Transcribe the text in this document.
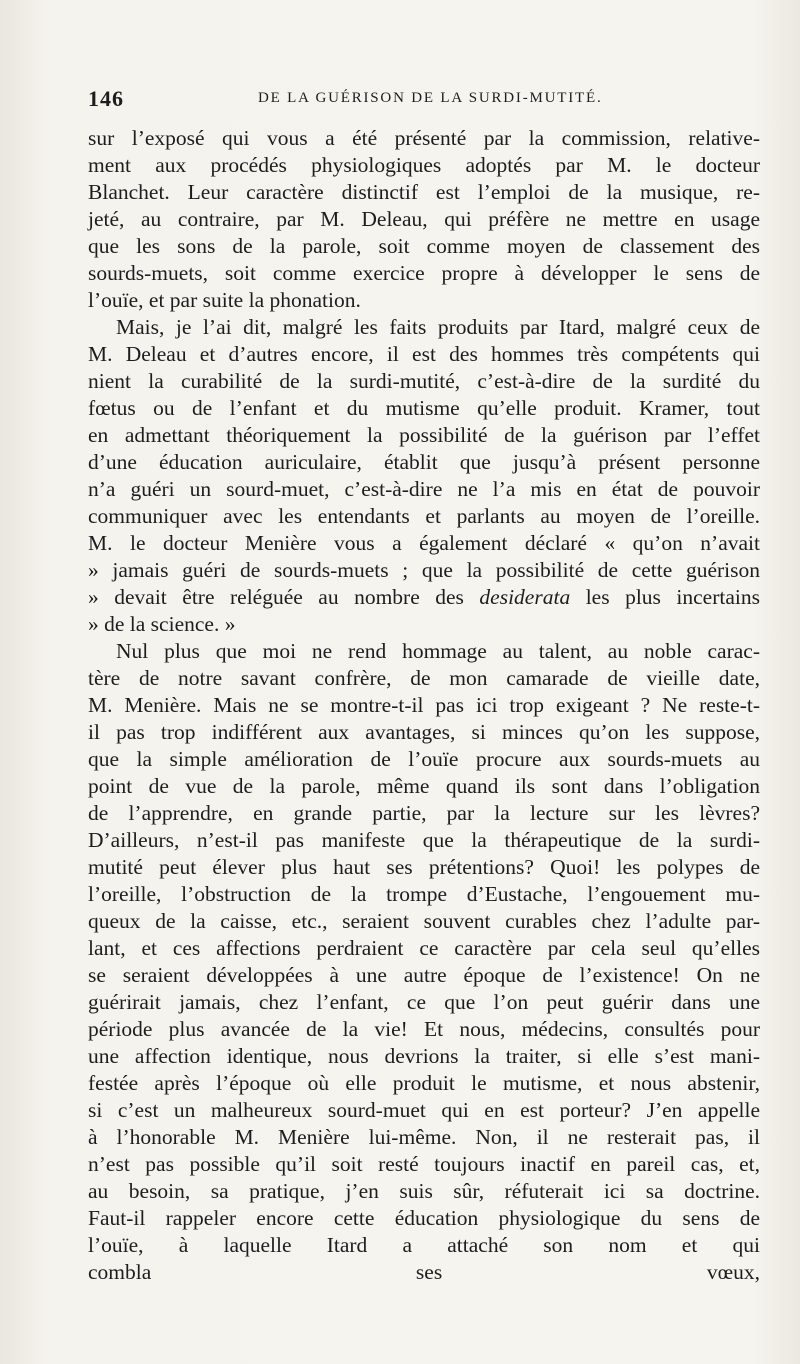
146	DE LA GUÉRISON DE LA SURDI-MUTITÉ.
sur l’exposé qui vous a été présenté par la commission, relative-
ment aux procédés physiologiques adoptés par M. le docteur
Blanchet. Leur caractère distinctif est l’emploi de la musique, re-
jeté, au contraire, par M. Deleau, qui préfère ne mettre en usage
que les sons de la parole, soit comme moyen de classement des
sourds-muets, soit comme exercice propre à développer le sens de
l’ouïe, et par suite la phonation.
Mais, je l’ai dit, malgré les faits produits par Itard, malgré ceux de
M. Deleau et d’autres encore, il est des hommes très compétents qui
nient la curabilité de la surdi-mutité, c’est-à-dire de la surdité du
fœtus ou de l’enfant et du mutisme qu’elle produit. Kramer, tout
en admettant théoriquement la possibilité de la guérison par l’effet
d’une éducation auriculaire, établit que jusqu’à présent personne
n’a guéri un sourd-muet, c’est-à-dire ne l’a mis en état de pouvoir
communiquer avec les entendants et parlants au moyen de l’oreille.
M. le docteur Menière vous a également déclaré « qu’on n’avait
» jamais guéri de sourds-muets ; que la possibilité de cette guérison
» devait être reléguée au nombre des desiderata les plus incertains
» de la science. »
Nul plus que moi ne rend hommage au talent, au noble carac-
tère de notre savant confrère, de mon camarade de vieille date,
M. Menière. Mais ne se montre-t-il pas ici trop exigeant ? Ne reste-t-
il pas trop indifférent aux avantages, si minces qu’on les suppose,
que la simple amélioration de l’ouïe procure aux sourds-muets au
point de vue de la parole, même quand ils sont dans l’obligation
de l’apprendre, en grande partie, par la lecture sur les lèvres?
D’ailleurs, n’est-il pas manifeste que la thérapeutique de la surdi-
mutité peut élever plus haut ses prétentions? Quoi! les polypes de
l’oreille, l’obstruction de la trompe d’Eustache, l’engouement mu-
queux de la caisse, etc., seraient souvent curables chez l’adulte par-
lant, et ces affections perdraient ce caractère par cela seul qu’elles
se seraient développées à une autre époque de l’existence! On ne
guérirait jamais, chez l’enfant, ce que l’on peut guérir dans une
période plus avancée de la vie! Et nous, médecins, consultés pour
une affection identique, nous devrions la traiter, si elle s’est mani-
festée après l’époque où elle produit le mutisme, et nous abstenir,
si c’est un malheureux sourd-muet qui en est porteur? J’en appelle
à l’honorable M. Menière lui-même. Non, il ne resterait pas, il
n’est pas possible qu’il soit resté toujours inactif en pareil cas, et,
au besoin, sa pratique, j’en suis sûr, réfuterait ici sa doctrine.
Faut-il rappeler encore cette éducation physiologique du sens de
l’ouïe, à laquelle Itard a attaché son nom et qui
combla ses vœux,
